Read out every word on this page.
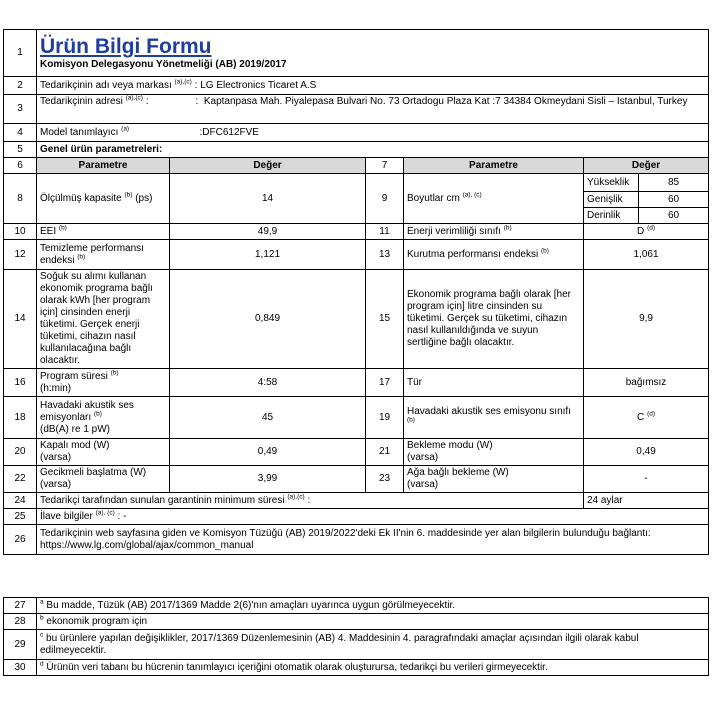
1	Ürün Bilgi Formu
Komisyon Delegasyonu Yönetmeliği (AB) 2019/2017					

2	Tedarikçinin adı veya markası $^{(a),(c)}$ : LG Electronics Ticaret A.S					
3	Tedarikçinin adresi $^{(a),(c)}$ :	: Kaptanpasa Mah. Piyalepasa Bulvari No. 73 Ortadogu Plaza Kat :7 34384 Okmeydani Sisli – Istanbul, Turkey				
4	Model tanımlayıcı $^{(a)}$	:DFC612FVE				
5	Genel ürün parametreleri:					
6	Parametre	Değer	7	Parametre	Değer	
8	Ölçülmüş kapasite $^{(b)}$ (ps)	14	9	Boyutlar cm $^{(a), (c)}$	Yükseklik	85
					Genişlik	60
					Derinlik	60
10	EEI $^{(b)}$	49,9	11	Enerji verimliliği sınıfı $^{(b)}$	D $^{(d)}$
12	Temizleme performansı endeksi $^{(b)}$	1,121	13	Kurutma performansı endeksi $^{(b)}$	1,061	
14	Soğuk su alımı kullanan ekonomik programa bağlı olarak kWh [her program için] cinsinden enerji tüketimi. Gerçek enerji tüketimi, cihazın nasıl kullanılacağına bağlı olacaktır.	0,849	15	Ekonomik programa bağlı olarak [her program için] litre cinsinden su tüketimi. Gerçek su tüketimi, cihazın nasıl kullanıldığında ve suyun sertliğine bağlı olacaktır.	9,9	
16	Program süresi $^{(b)}$
(h:min)	4:58	17	Tür	bağımsız	
18	Havadaki akustik ses emisyonları $^{(b)}$
(dB(A) re 1 pW)	45	19	Havadaki akustik ses emisyonu sınıfı $^{(b)}$	C $^{(d)}$
20	Kapalı mod (W)
(varsa)	0,49	21	Bekleme modu (W)
(varsa)	0,49	
22	Gecikmeli başlatma (W)
(varsa)	3,99	23	Ağa bağlı bekleme (W)
(varsa)	-	
24	Tedarikçi tarafından sunulan garantinin minimum süresi $^{(a),(c)}$ :				24 aylar	
25	İlave bilgiler $^{(a), (c)}$ : -					
26	Tedarikçinin web sayfasına giden ve Komisyon Tüzüğü (AB) 2019/2022'deki Ek II'nin 6. maddesinde yer alan bilgilerin bulunduğu bağlantı: https://www.lg.com/global/ajax/common_manual					
27	$^a$ Bu madde, Tüzük (AB) 2017/1369 Madde 2(6)'nın amaçları uyarınca uygun görülmeyecektir.
28	$^b$ ekonomik program için
29	$^c$ bu ürünlere yapılan değişiklikler, 2017/1369 Düzenlemesinin (AB) 4. Maddesinin 4. paragrafındaki amaçlar açısından ilgili olarak kabul edilmeyecektir.
30	$^d$ Ürünün veri tabanı bu hücrenin tanımlayıcı içeriğini otomatik olarak oluşturursa, tedarikçi bu verileri girmeyecektir.
